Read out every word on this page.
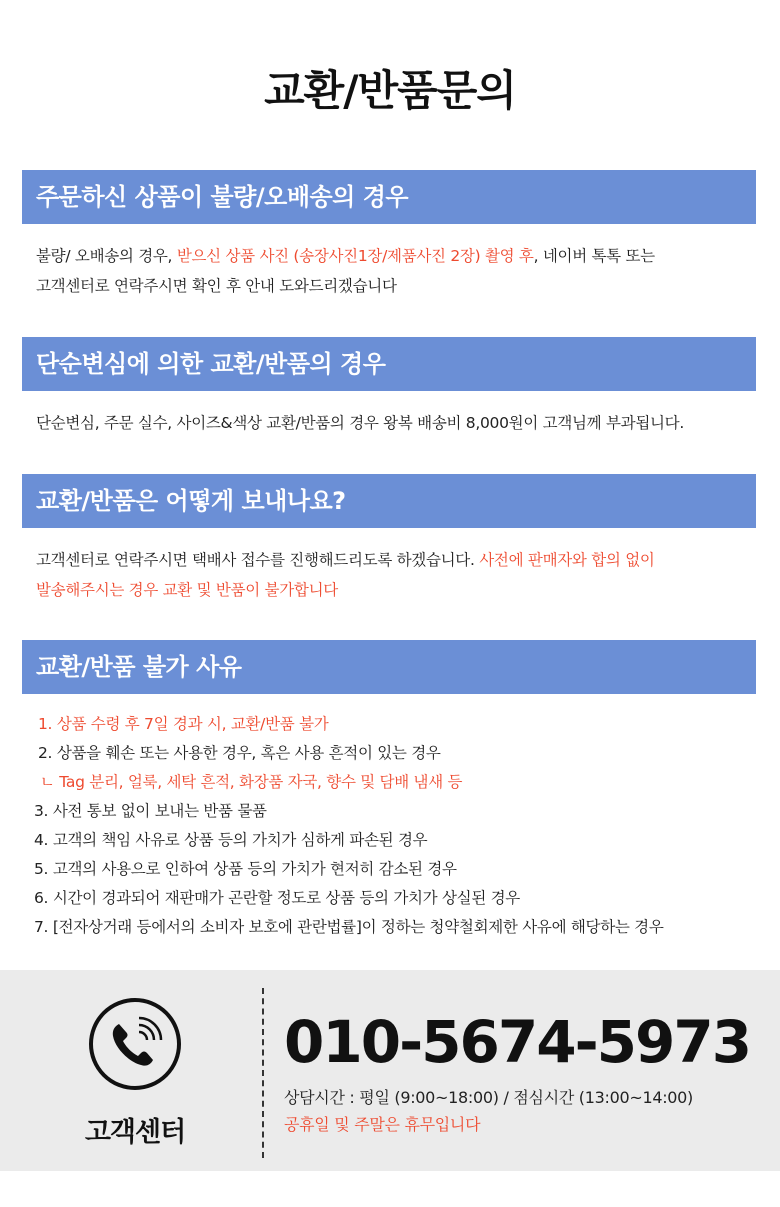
교환/반품문의
주문하신 상품이 불량/오배송의 경우
불량/ 오배송의 경우, 받으신 상품 사진 (송장사진1장/제품사진 2장) 촬영 후, 네이버 톡톡 또는
고객센터로 연락주시면 확인 후 안내 도와드리겠습니다
단순변심에 의한 교환/반품의 경우
단순변심, 주문 실수, 사이즈&색상 교환/반품의 경우 왕복 배송비 8,000원이 고객님께 부과됩니다.
교환/반품은 어떻게 보내나요?
고객센터로 연락주시면 택배사 접수를 진행해드리도록 하겠습니다. 사전에 판매자와 합의 없이
발송해주시는 경우 교환 및 반품이 불가합니다
교환/반품 불가 사유
1. 상품 수령 후 7일 경과 시, 교환/반품 불가
2. 상품을 훼손 또는 사용한 경우, 혹은 사용 흔적이 있는 경우
ㄴ Tag 분리, 얼룩, 세탁 흔적, 화장품 자국, 향수 및 담배 냄새 등
3. 사전 통보 없이 보내는 반품 물품
4. 고객의 책임 사유로 상품 등의 가치가 심하게 파손된 경우
5. 고객의 사용으로 인하여 상품 등의 가치가 현저히 감소된 경우
6. 시간이 경과되어 재판매가 곤란할 정도로 상품 등의 가치가 상실된 경우
7. [전자상거래 등에서의 소비자 보호에 관란법률]이 정하는 청약철회제한 사유에 해당하는 경우
고객센터
010-5674-5973
상담시간 : 평일 (9:00~18:00) / 점심시간 (13:00~14:00)
공휴일 및 주말은 휴무입니다
